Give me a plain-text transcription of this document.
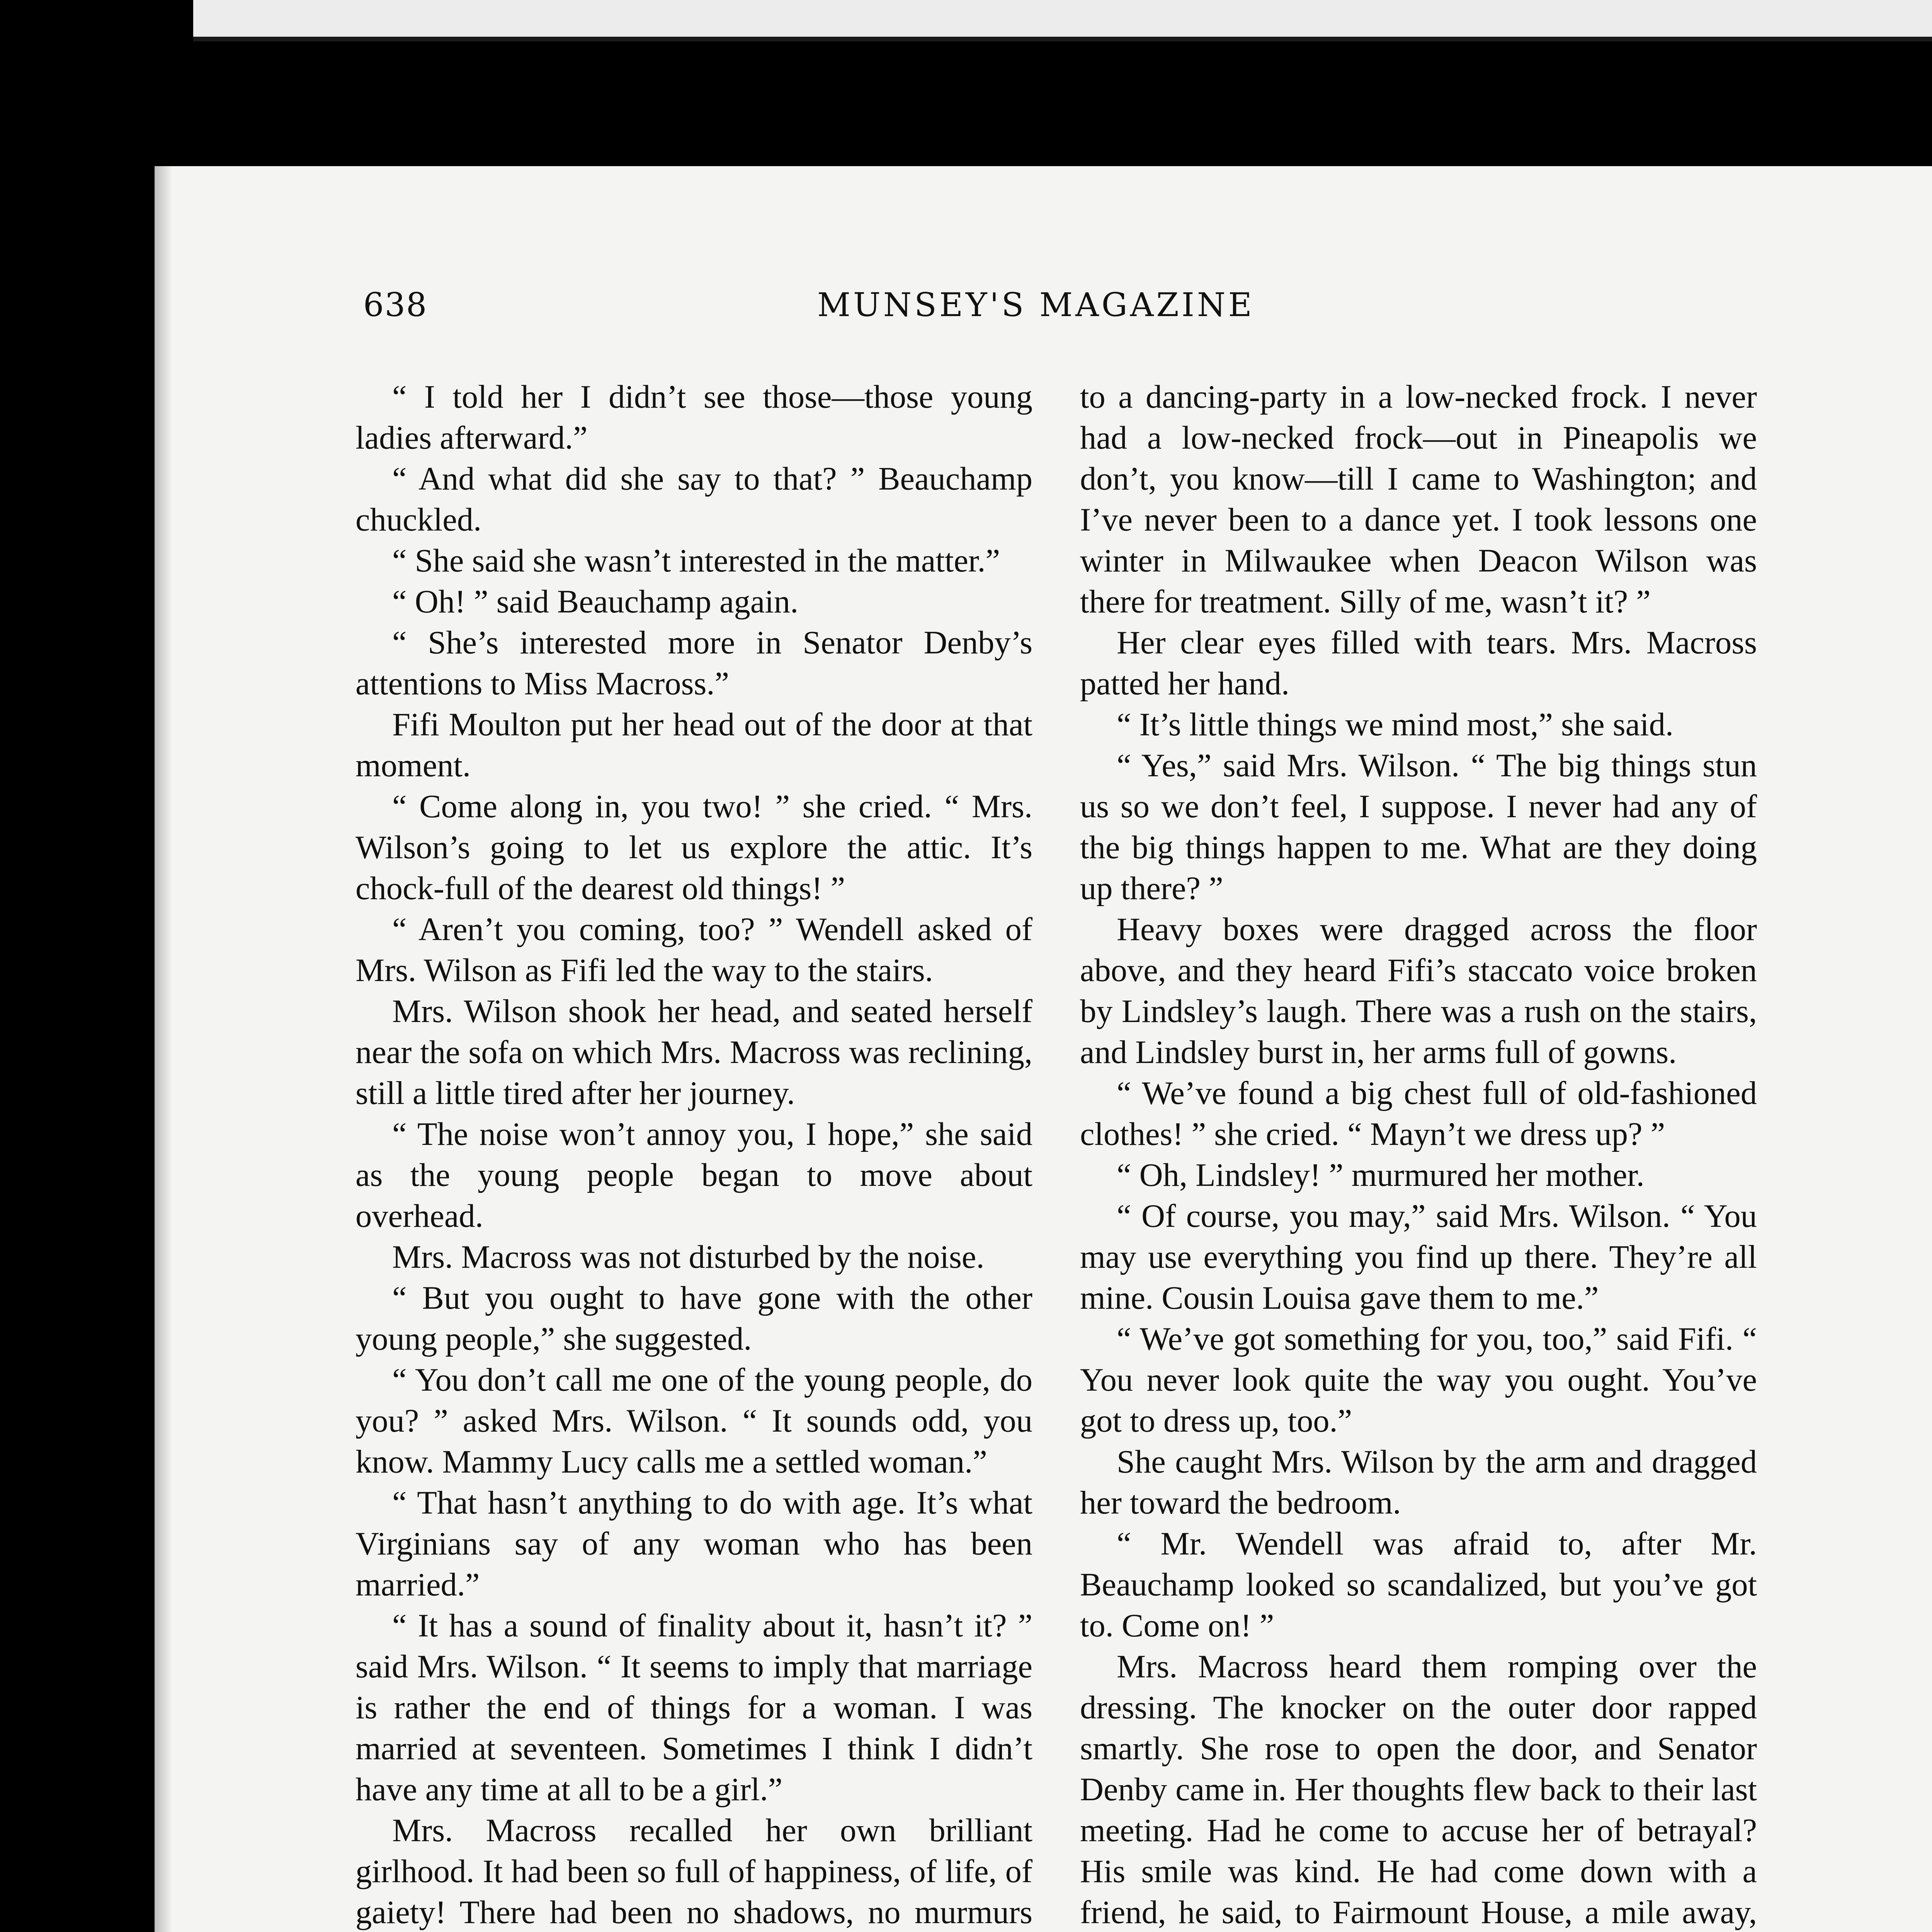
638	MUNSEY'S MAGAZINE

“ I told her I didn’t see those—those young ladies afterward.”

“ And what did she say to that? ” Beauchamp chuckled.

“ She said she wasn’t interested in the matter.”

“ Oh! ” said Beauchamp again.

“ She’s interested more in Senator Denby’s attentions to Miss Macross.”

Fifi Moulton put her head out of the door at that moment.

“ Come along in, you two! ” she cried. “ Mrs. Wilson’s going to let us explore the attic. It’s chock-full of the dearest old things! ”

“ Aren’t you coming, too? ” Wendell asked of Mrs. Wilson as Fifi led the way to the stairs.

Mrs. Wilson shook her head, and seated herself near the sofa on which Mrs. Macross was reclining, still a little tired after her journey.

“ The noise won’t annoy you, I hope,” she said as the young people began to move about overhead.

Mrs. Macross was not disturbed by the noise.

“ But you ought to have gone with the other young people,” she suggested.

“ You don’t call me one of the young people, do you? ” asked Mrs. Wilson. “ It sounds odd, you know. Mammy Lucy calls me a settled woman.”

“ That hasn’t anything to do with age. It’s what Virginians say of any woman who has been married.”

“ It has a sound of finality about it, hasn’t it? ” said Mrs. Wilson. “ It seems to imply that marriage is rather the end of things for a woman. I was married at seventeen. Sometimes I think I didn’t have any time at all to be a girl.”

Mrs. Macross recalled her own brilliant girlhood. It had been so full of happiness, of life, of gaiety! There had been no shadows, no murmurs

to a dancing-party in a low-necked frock. I never had a low-necked frock—out in Pineapolis we don’t, you know—till I came to Washington; and I’ve never been to a dance yet. I took lessons one winter in Milwaukee when Deacon Wilson was there for treatment. Silly of me, wasn’t it? ”

Her clear eyes filled with tears. Mrs. Macross patted her hand.

“ It’s little things we mind most,” she said.

“ Yes,” said Mrs. Wilson. “ The big things stun us so we don’t feel, I suppose. I never had any of the big things happen to me. What are they doing up there? ”

Heavy boxes were dragged across the floor above, and they heard Fifi’s staccato voice broken by Lindsley’s laugh. There was a rush on the stairs, and Lindsley burst in, her arms full of gowns.

“ We’ve found a big chest full of old-fashioned clothes! ” she cried. “ Mayn’t we dress up? ”

“ Oh, Lindsley! ” murmured her mother.

“ Of course, you may,” said Mrs. Wilson. “ You may use everything you find up there. They’re all mine. Cousin Louisa gave them to me.”

“ We’ve got something for you, too,” said Fifi. “ You never look quite the way you ought. You’ve got to dress up, too.”

She caught Mrs. Wilson by the arm and dragged her toward the bedroom.

“ Mr. Wendell was afraid to, after Mr. Beauchamp looked so scandalized, but you’ve got to. Come on! ”

Mrs. Macross heard them romping over the dressing. The knocker on the outer door rapped smartly. She rose to open the door, and Senator Denby came in. Her thoughts flew back to their last meeting. Had he come to accuse her of betrayal? His smile was kind. He had come down with a friend, he said, to Fairmount House, a mile away,
